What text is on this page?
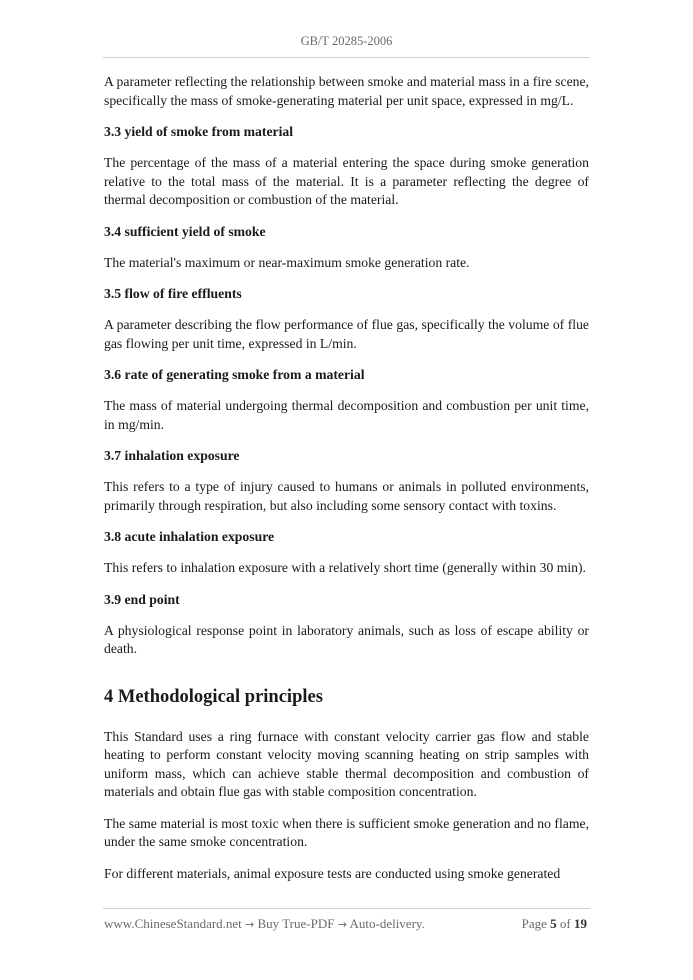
GB/T 20285-2006

A parameter reflecting the relationship between smoke and material mass in a fire scene, specifically the mass of smoke-generating material per unit space, expressed in mg/L.

3.3 yield of smoke from material

The percentage of the mass of a material entering the space during smoke generation relative to the total mass of the material. It is a parameter reflecting the degree of thermal decomposition or combustion of the material.

3.4 sufficient yield of smoke

The material's maximum or near-maximum smoke generation rate.

3.5 flow of fire effluents

A parameter describing the flow performance of flue gas, specifically the volume of flue gas flowing per unit time, expressed in L/min.

3.6 rate of generating smoke from a material

The mass of material undergoing thermal decomposition and combustion per unit time, in mg/min.

3.7 inhalation exposure

This refers to a type of injury caused to humans or animals in polluted environments, primarily through respiration, but also including some sensory contact with toxins.

3.8 acute inhalation exposure

This refers to inhalation exposure with a relatively short time (generally within 30 min).

3.9 end point

A physiological response point in laboratory animals, such as loss of escape ability or death.

4 Methodological principles

This Standard uses a ring furnace with constant velocity carrier gas flow and stable heating to perform constant velocity moving scanning heating on strip samples with uniform mass, which can achieve stable thermal decomposition and combustion of materials and obtain flue gas with stable composition concentration.

The same material is most toxic when there is sufficient smoke generation and no flame, under the same smoke concentration.

For different materials, animal exposure tests are conducted using smoke generated

www.ChineseStandard.net → Buy True-PDF → Auto-delivery.	Page 5 of 19
